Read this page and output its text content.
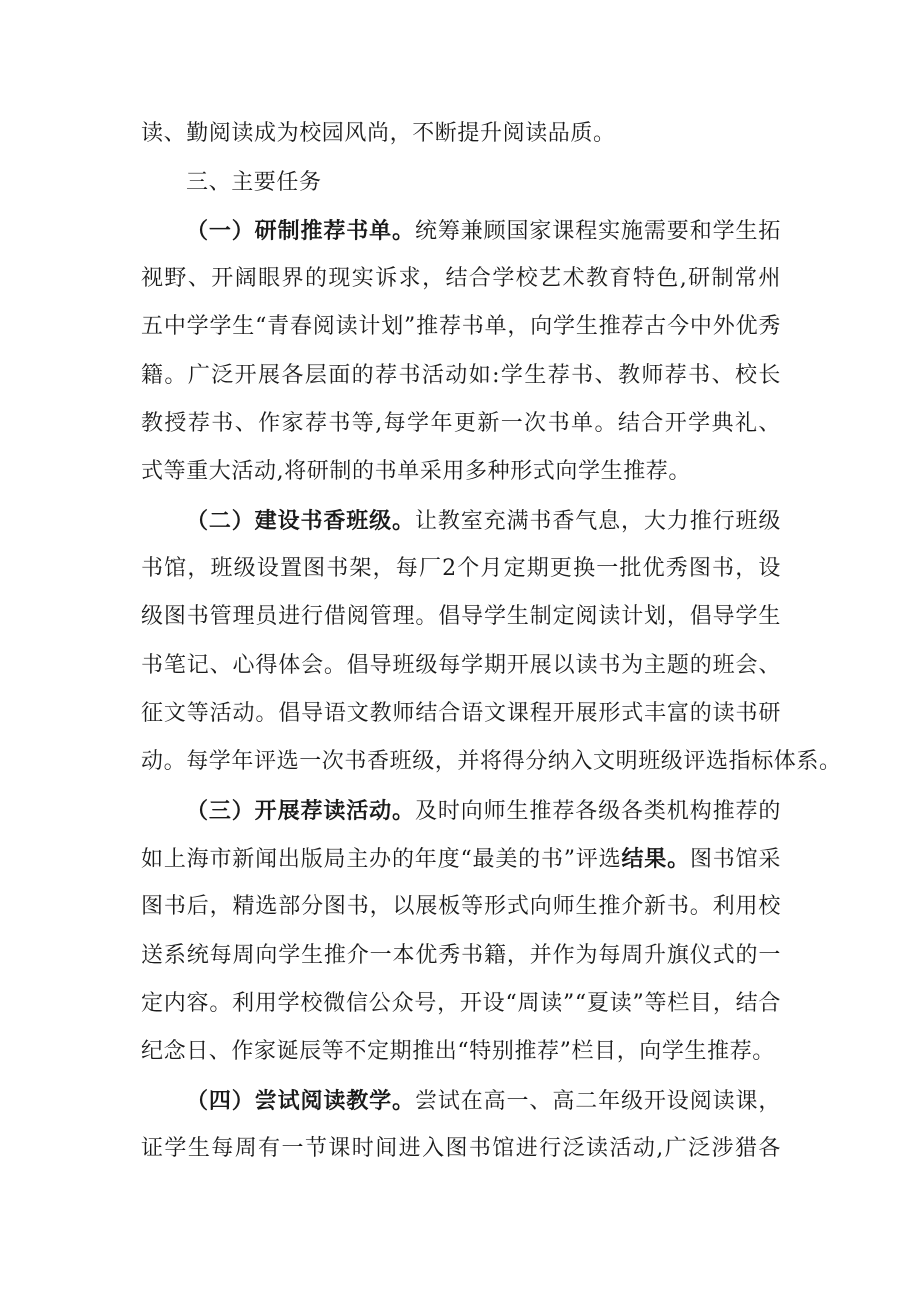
读、勤阅读成为校园风尚，不断提升阅读品质。
三、主要任务
（一）研制推荐书单。统筹兼顾国家课程实施需要和学生拓
视野、开阔眼界的现实诉求，结合学校艺术教育特色,研制常州
五中学学生“青春阅读计划”推荐书单，向学生推荐古今中外优秀
籍。广泛开展各层面的荐书活动如:学生荐书、教师荐书、校长
教授荐书、作家荐书等,每学年更新一次书单。结合开学典礼、
式等重大活动,将研制的书单采用多种形式向学生推荐。
（二）建设书香班级。让教室充满书香气息，大力推行班级
书馆，班级设置图书架，每厂2个月定期更换一批优秀图书，设
级图书管理员进行借阅管理。倡导学生制定阅读计划，倡导学生
书笔记、心得体会。倡导班级每学期开展以读书为主题的班会、
征文等活动。倡导语文教师结合语文课程开展形式丰富的读书研
动。每学年评选一次书香班级，并将得分纳入文明班级评选指标体系。
（三）开展荐读活动。及时向师生推荐各级各类机构推荐的
如上海市新闻出版局主办的年度“最美的书”评选结果。图书馆采
图书后，精选部分图书，以展板等形式向师生推介新书。利用校
送系统每周向学生推介一本优秀书籍，并作为每周升旗仪式的一
定内容。利用学校微信公众号，开设“周读”“夏读”等栏目，结合
纪念日、作家诞辰等不定期推出“特别推荐”栏目，向学生推荐。
（四）尝试阅读教学。尝试在高一、高二年级开设阅读课，
证学生每周有一节课时间进入图书馆进行泛读活动,广泛涉猎各
